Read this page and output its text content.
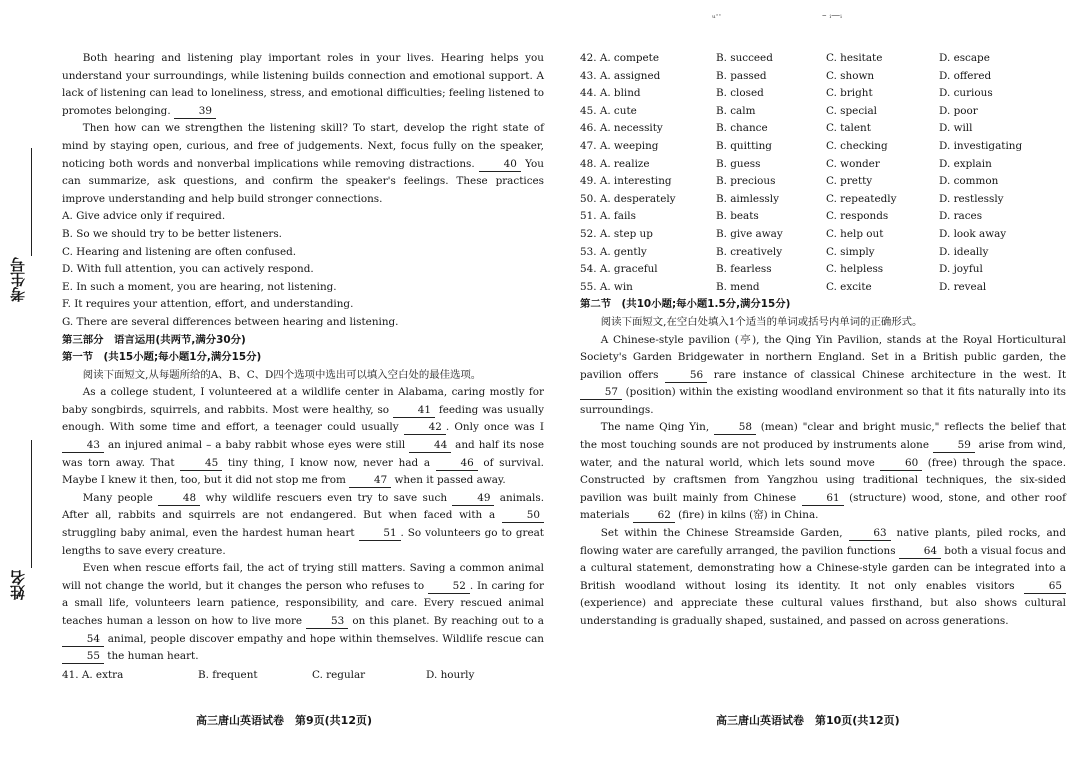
ᵤ··	– ᵢ—ᵢ
考生号
姓名

Both hearing and listening play important roles in your lives. Hearing helps you understand your surroundings, while listening builds connection and emotional support. A lack of listening can lead to loneliness, stress, and emotional difficulties; feeling listened to promotes belonging. 39

Then how can we strengthen the listening skill? To start, develop the right state of mind by staying open, curious, and free of judgements. Next, focus fully on the speaker, noticing both words and nonverbal implications while removing distractions. 40 You can summarize, ask questions, and confirm the speaker's feelings. These practices improve understanding and help build stronger connections.

A. Give advice only if required.

B. So we should try to be better listeners.

C. Hearing and listening are often confused.

D. With full attention, you can actively respond.

E. In such a moment, you are hearing, not listening.

F. It requires your attention, effort, and understanding.

G. There are several differences between hearing and listening.

第三部分　语言运用(共两节,满分30分)

第一节　(共15小题;每小题1分,满分15分)

阅读下面短文,从每题所给的A、B、C、D四个选项中选出可以填入空白处的最佳选项。

As a college student, I volunteered at a wildlife center in Alabama, caring mostly for baby songbirds, squirrels, and rabbits. Most were healthy, so 41 feeding was usually enough. With some time and effort, a teenager could usually 42 . Only once was I 43 an injured animal – a baby rabbit whose eyes were still 44 and half its nose was torn away. That 45 tiny thing, I know now, never had a 46 of survival. Maybe I knew it then, too, but it did not stop me from 47 when it passed away.

Many people 48 why wildlife rescuers even try to save such 49 animals. After all, rabbits and squirrels are not endangered. But when faced with a 50 struggling baby animal, even the hardest human heart 51 . So volunteers go to great lengths to save every creature.

Even when rescue efforts fail, the act of trying still matters. Saving a common animal will not change the world, but it changes the person who refuses to 52 . In caring for a small life, volunteers learn patience, responsibility, and care. Every rescued animal teaches human a lesson on how to live more 53 on this planet. By reaching out to a 54 animal, people discover empathy and hope within themselves. Wildlife rescue can 55 the human heart.

41. A. extra	B. frequent	C. regular	D. hourly
高三唐山英语试卷　第9页(共12页)
42. A. compete	B. succeed	C. hesitate	D. escape
43. A. assigned	B. passed	C. shown	D. offered
44. A. blind	B. closed	C. bright	D. curious
45. A. cute	B. calm	C. special	D. poor
46. A. necessity	B. chance	C. talent	D. will
47. A. weeping	B. quitting	C. checking	D. investigating
48. A. realize	B. guess	C. wonder	D. explain
49. A. interesting	B. precious	C. pretty	D. common
50. A. desperately	B. aimlessly	C. repeatedly	D. restlessly
51. A. fails	B. beats	C. responds	D. races
52. A. step up	B. give away	C. help out	D. look away
53. A. gently	B. creatively	C. simply	D. ideally
54. A. graceful	B. fearless	C. helpless	D. joyful
55. A. win	B. mend	C. excite	D. reveal

第二节　(共10小题;每小题1.5分,满分15分)

阅读下面短文,在空白处填入1个适当的单词或括号内单词的正确形式。

A Chinese-style pavilion (亭), the Qing Yin Pavilion, stands at the Royal Horticultural Society's Garden Bridgewater in northern England. Set in a British public garden, the pavilion offers 56 rare instance of classical Chinese architecture in the west. It 57 (position) within the existing woodland environment so that it fits naturally into its surroundings.

The name Qing Yin, 58 (mean) "clear and bright music," reflects the belief that the most touching sounds are not produced by instruments alone 59 arise from wind, water, and the natural world, which lets sound move 60 (free) through the space. Constructed by craftsmen from Yangzhou using traditional techniques, the six-sided pavilion was built mainly from Chinese 61 (structure) wood, stone, and other roof materials 62 (fire) in kilns (窑) in China.

Set within the Chinese Streamside Garden, 63 native plants, piled rocks, and flowing water are carefully arranged, the pavilion functions 64 both a visual focus and a cultural statement, demonstrating how a Chinese-style garden can be integrated into a British woodland without losing its identity. It not only enables visitors 65 (experience) and appreciate these cultural values firsthand, but also shows cultural understanding is gradually shaped, sustained, and passed on across generations.

高三唐山英语试卷　第10页(共12页)
